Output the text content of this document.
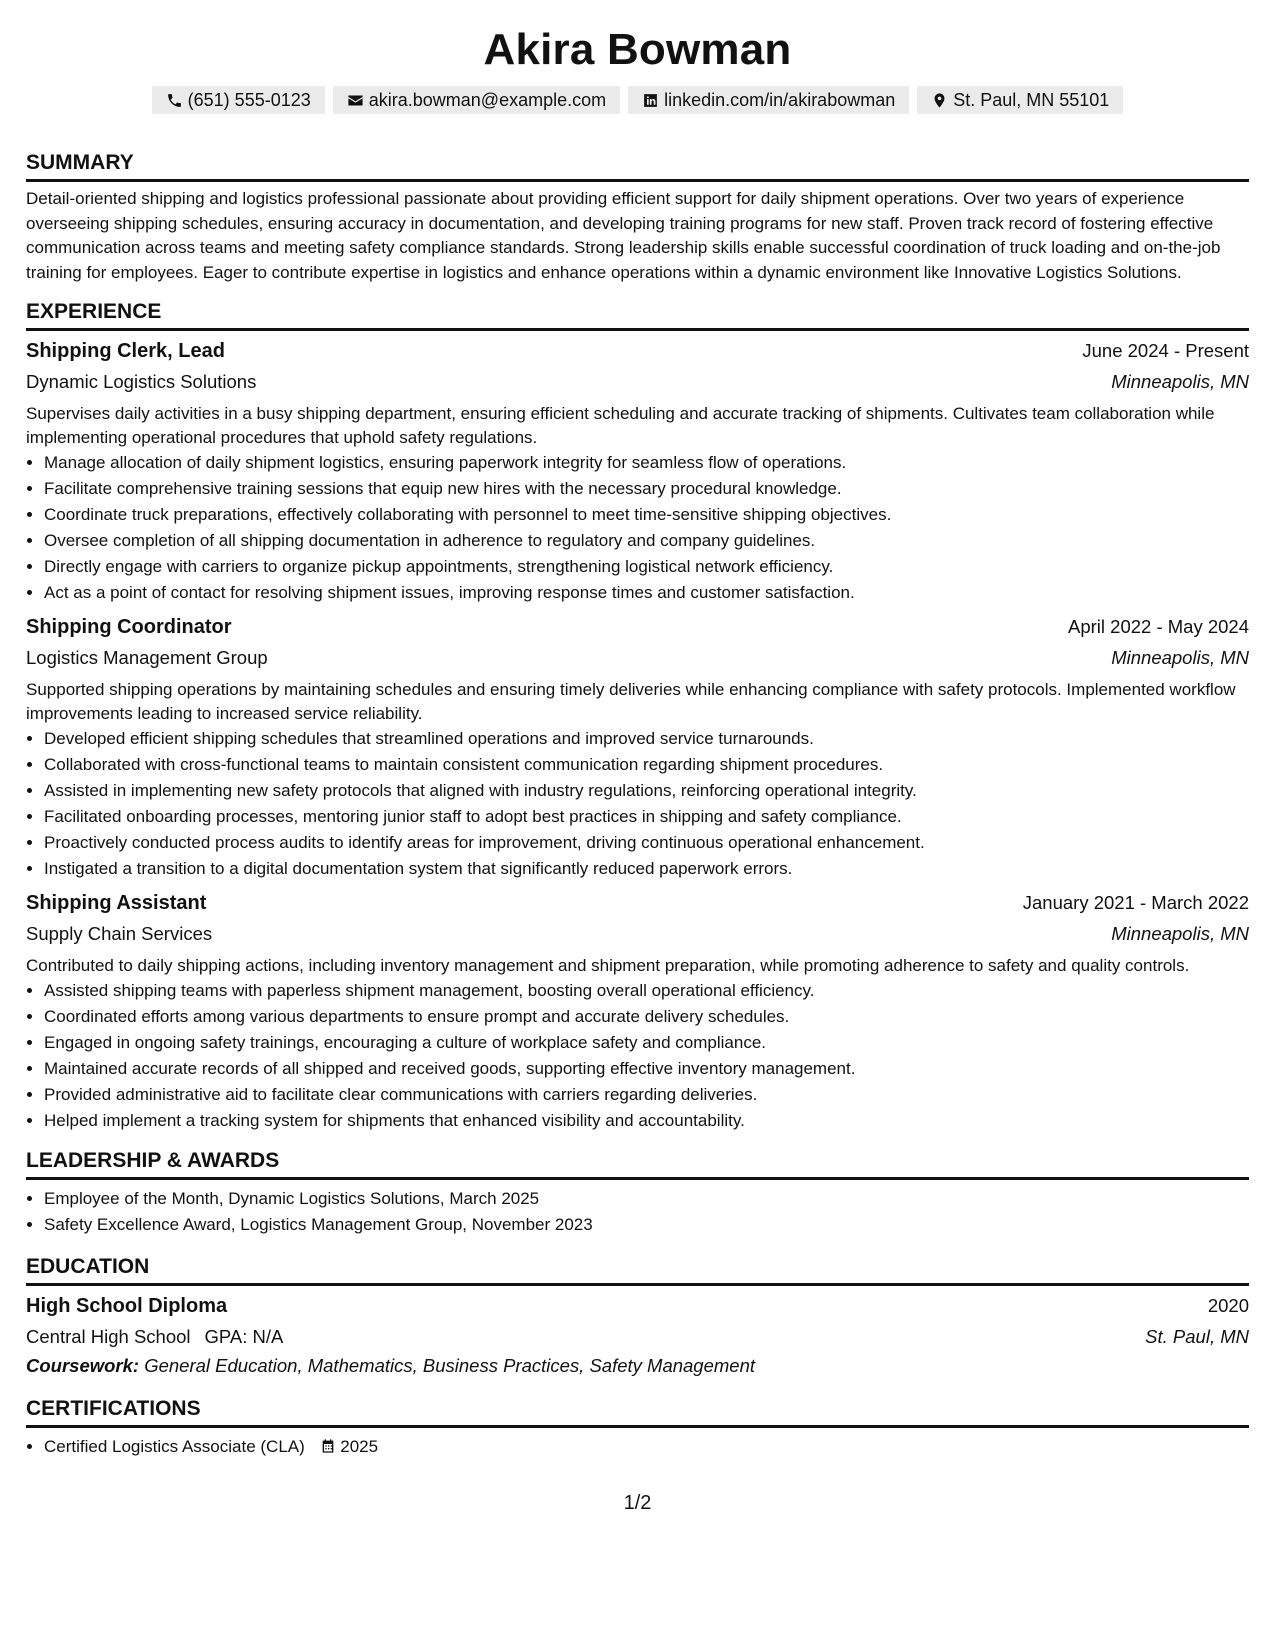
Akira Bowman
(651) 555-0123	akira.bowman@example.com	linkedin.com/in/akirabowman	St. Paul, MN 55101
SUMMARY

Detail-oriented shipping and logistics professional passionate about providing efficient support for daily shipment operations. Over two years of experience overseeing shipping schedules, ensuring accuracy in documentation, and developing training programs for new staff. Proven track record of fostering effective communication across teams and meeting safety compliance standards. Strong leadership skills enable successful coordination of truck loading and on-the-job training for employees. Eager to contribute expertise in logistics and enhance operations within a dynamic environment like Innovative Logistics Solutions.

EXPERIENCE
Shipping Clerk, Lead	June 2024 - Present
Dynamic Logistics Solutions	Minneapolis, MN

Supervises daily activities in a busy shipping department, ensuring efficient scheduling and accurate tracking of shipments. Cultivates team collaboration while implementing operational procedures that uphold safety regulations.

• Manage allocation of daily shipment logistics, ensuring paperwork integrity for seamless flow of operations.
• Facilitate comprehensive training sessions that equip new hires with the necessary procedural knowledge.
• Coordinate truck preparations, effectively collaborating with personnel to meet time-sensitive shipping objectives.
• Oversee completion of all shipping documentation in adherence to regulatory and company guidelines.
• Directly engage with carriers to organize pickup appointments, strengthening logistical network efficiency.
• Act as a point of contact for resolving shipment issues, improving response times and customer satisfaction.
Shipping Coordinator	April 2022 - May 2024
Logistics Management Group	Minneapolis, MN

Supported shipping operations by maintaining schedules and ensuring timely deliveries while enhancing compliance with safety protocols. Implemented workflow improvements leading to increased service reliability.

• Developed efficient shipping schedules that streamlined operations and improved service turnarounds.
• Collaborated with cross-functional teams to maintain consistent communication regarding shipment procedures.
• Assisted in implementing new safety protocols that aligned with industry regulations, reinforcing operational integrity.
• Facilitated onboarding processes, mentoring junior staff to adopt best practices in shipping and safety compliance.
• Proactively conducted process audits to identify areas for improvement, driving continuous operational enhancement.
• Instigated a transition to a digital documentation system that significantly reduced paperwork errors.
Shipping Assistant	January 2021 - March 2022
Supply Chain Services	Minneapolis, MN

Contributed to daily shipping actions, including inventory management and shipment preparation, while promoting adherence to safety and quality controls.

• Assisted shipping teams with paperless shipment management, boosting overall operational efficiency.
• Coordinated efforts among various departments to ensure prompt and accurate delivery schedules.
• Engaged in ongoing safety trainings, encouraging a culture of workplace safety and compliance.
• Maintained accurate records of all shipped and received goods, supporting effective inventory management.
• Provided administrative aid to facilitate clear communications with carriers regarding deliveries.
• Helped implement a tracking system for shipments that enhanced visibility and accountability.
LEADERSHIP & AWARDS
• Employee of the Month, Dynamic Logistics Solutions, March 2025
• Safety Excellence Award, Logistics Management Group, November 2023
EDUCATION
High School Diploma	2020
Central High School GPA: N/A	St. Paul, MN
Coursework: General Education, Mathematics, Business Practices, Safety Management
CERTIFICATIONS
• Certified Logistics Associate (CLA) 2025
1/2
